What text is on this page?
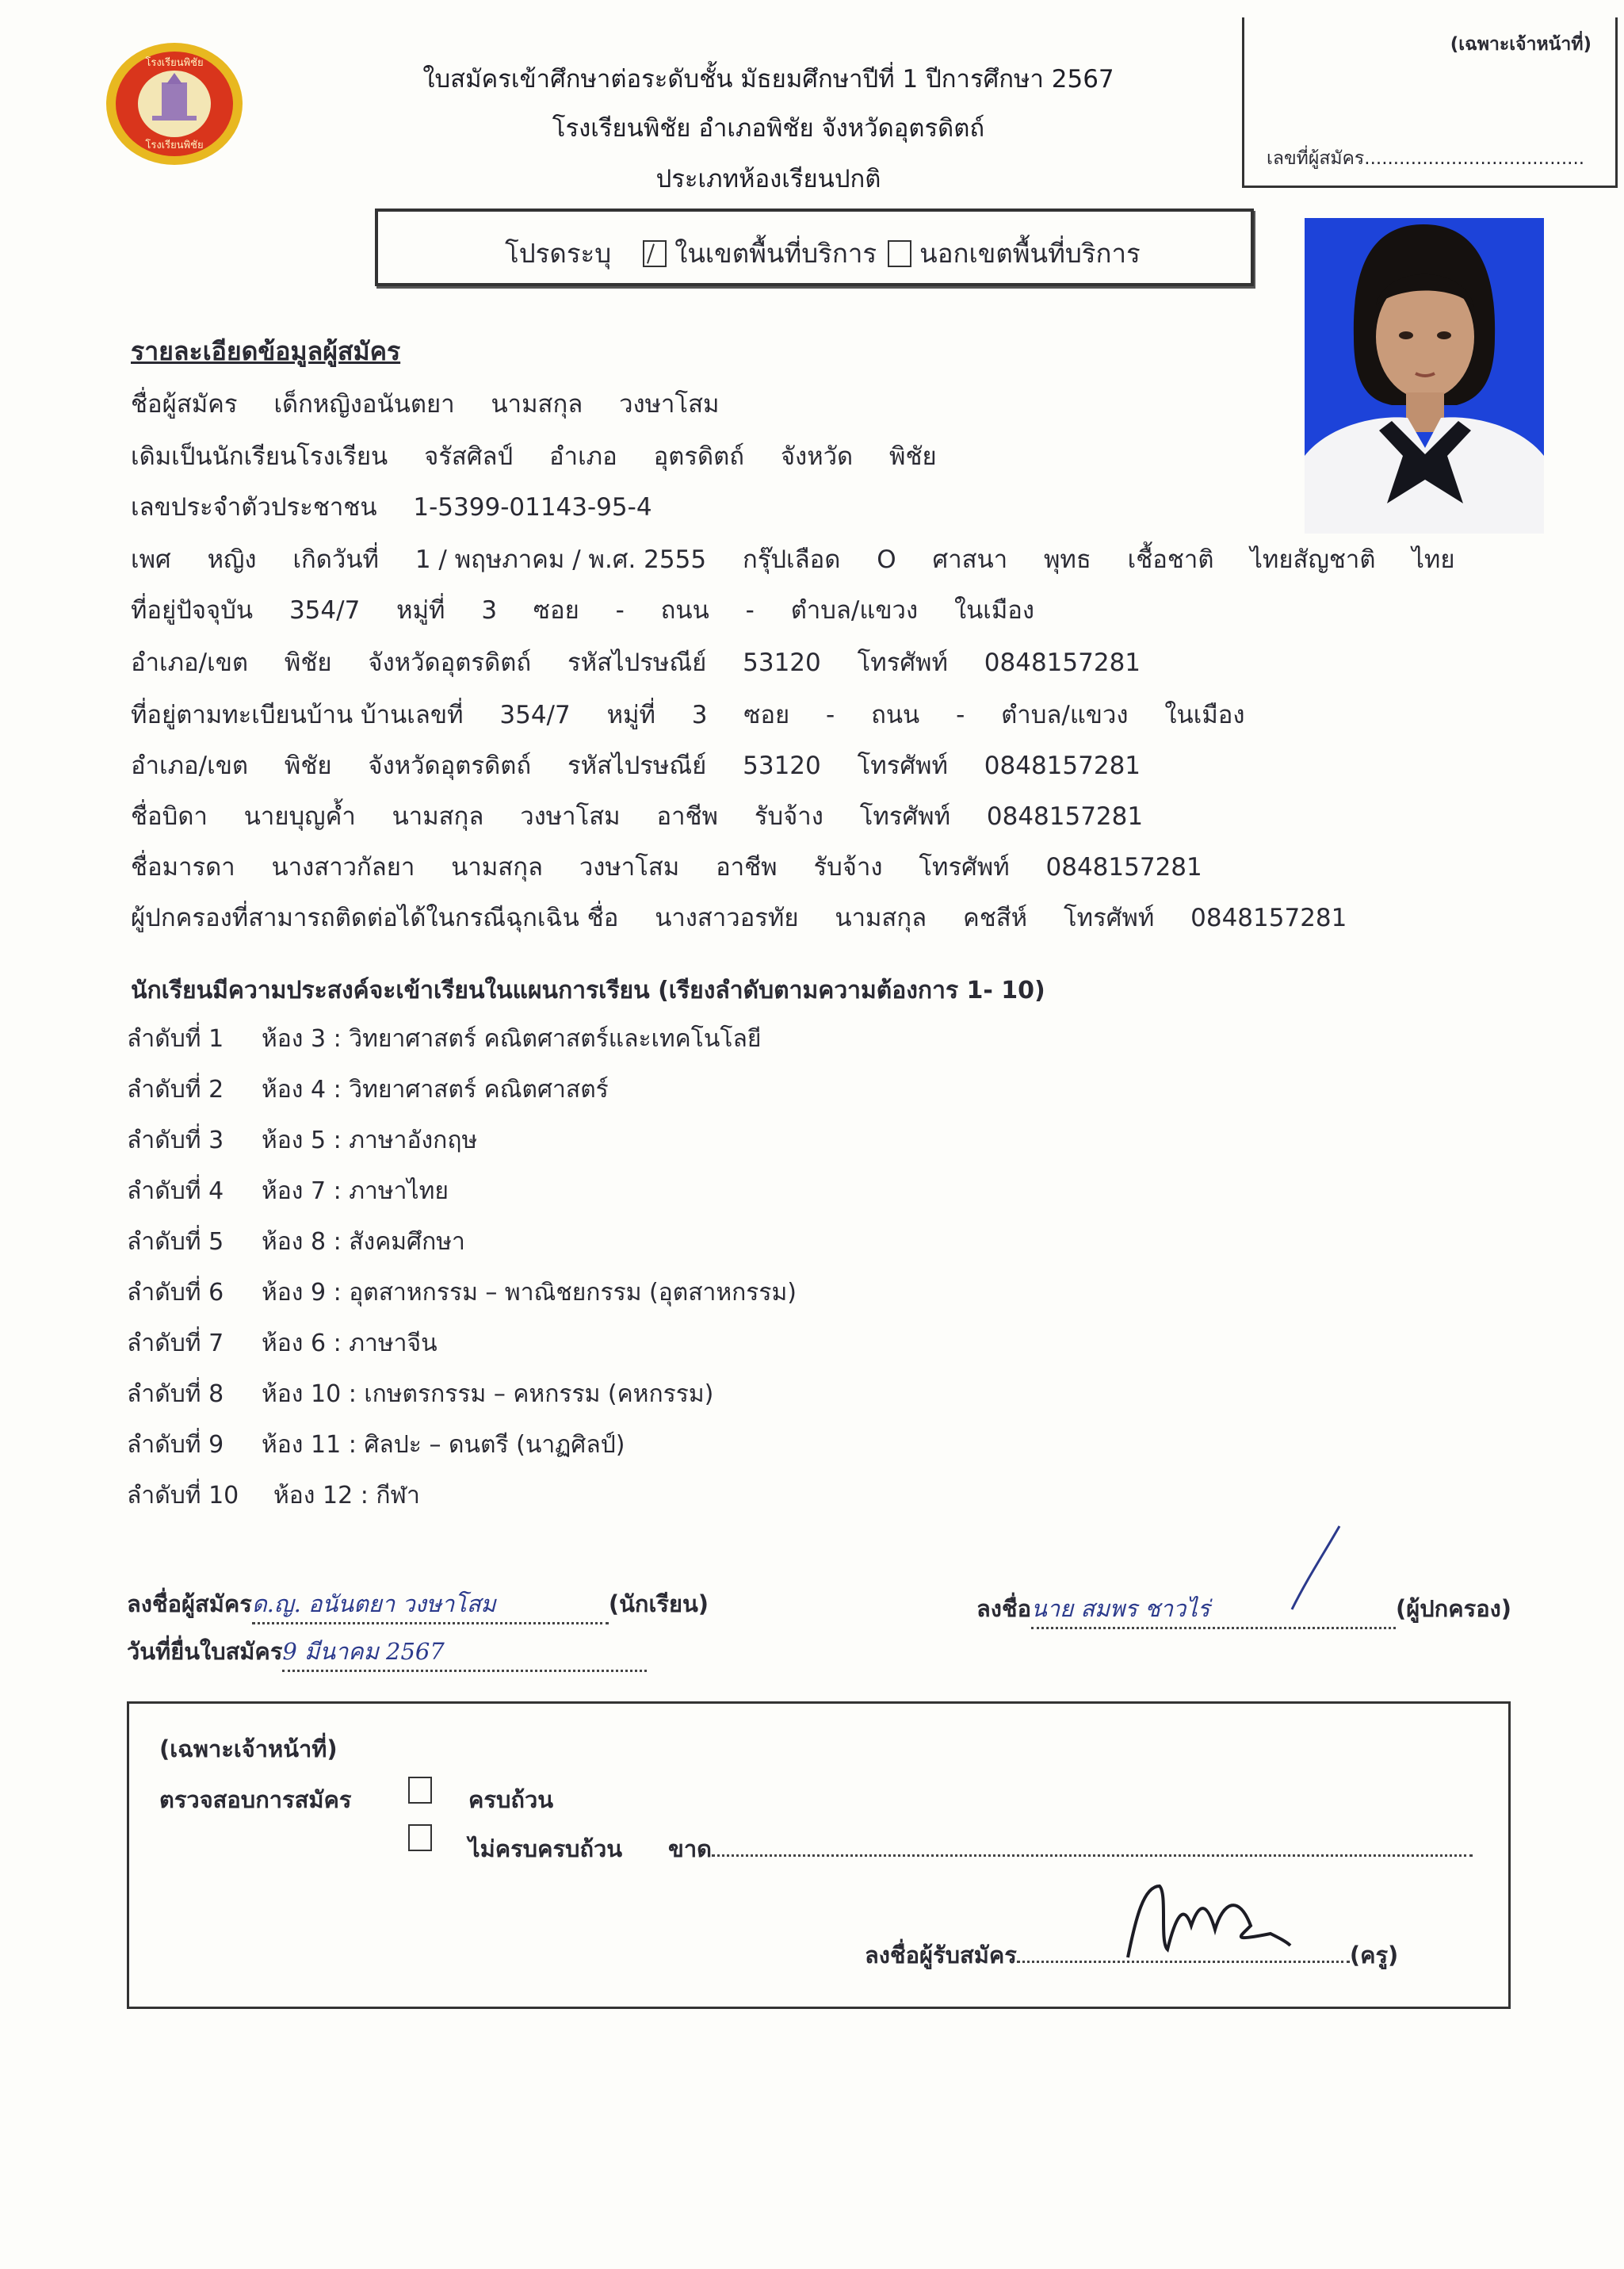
โรงเรียนพิชัย
โรงเรียนพิชัย
ใบสมัครเข้าศึกษาต่อระดับชั้น มัธยมศึกษาปีที่ 1 ปีการศึกษา 2567
โรงเรียนพิชัย อำเภอพิชัย จังหวัดอุตรดิตถ์
ประเภทห้องเรียนปกติ
(เฉพาะเจ้าหน้าที่)
เลขที่ผู้สมัคร......................................
โปรดระบุ ในเขตพื้นที่บริการ นอกเขตพื้นที่บริการ
รายละเอียดข้อมูลผู้สมัคร
ชื่อผู้สมัคร เด็กหญิงอนันตยา นามสกุล วงษาโสม
เดิมเป็นนักเรียนโรงเรียน จรัสศิลป์ อำเภอ อุตรดิตถ์ จังหวัด พิชัย
เลขประจำตัวประชาชน 1-5399-01143-95-4
เพศ หญิง เกิดวันที่ 1 / พฤษภาคม / พ.ศ. 2555 กรุ๊ปเลือด O ศาสนา พุทธ เชื้อชาติ ไทยสัญชาติ ไทย
ที่อยู่ปัจจุบัน 354/7 หมู่ที่ 3 ซอย - ถนน - ตำบล/แขวง ในเมือง
อำเภอ/เขต พิชัย จังหวัดอุตรดิตถ์ รหัสไปรษณีย์ 53120 โทรศัพท์ 0848157281
ที่อยู่ตามทะเบียนบ้าน บ้านเลขที่ 354/7 หมู่ที่ 3 ซอย - ถนน - ตำบล/แขวง ในเมือง
อำเภอ/เขต พิชัย จังหวัดอุตรดิตถ์ รหัสไปรษณีย์ 53120 โทรศัพท์ 0848157281
ชื่อบิดา นายบุญค้ำ นามสกุล วงษาโสม อาชีพ รับจ้าง โทรศัพท์ 0848157281
ชื่อมารดา นางสาวกัลยา นามสกุล วงษาโสม อาชีพ รับจ้าง โทรศัพท์ 0848157281
ผู้ปกครองที่สามารถติดต่อได้ในกรณีฉุกเฉิน ชื่อ นางสาวอรทัย นามสกุล คชสีห์ โทรศัพท์ 0848157281
นักเรียนมีความประสงค์จะเข้าเรียนในแผนการเรียน (เรียงลำดับตามความต้องการ 1- 10)
ลำดับที่ 1 ห้อง 3 : วิทยาศาสตร์ คณิตศาสตร์และเทคโนโลยี
ลำดับที่ 2 ห้อง 4 : วิทยาศาสตร์ คณิตศาสตร์
ลำดับที่ 3 ห้อง 5 : ภาษาอังกฤษ
ลำดับที่ 4 ห้อง 7 : ภาษาไทย
ลำดับที่ 5 ห้อง 8 : สังคมศึกษา
ลำดับที่ 6 ห้อง 9 : อุตสาหกรรม – พาณิชยกรรม (อุตสาหกรรม)
ลำดับที่ 7 ห้อง 6 : ภาษาจีน
ลำดับที่ 8 ห้อง 10 : เกษตรกรรม – คหกรรม (คหกรรม)
ลำดับที่ 9 ห้อง 11 : ศิลปะ – ดนตรี (นาฏศิลป์)
ลำดับที่ 10 ห้อง 12 : กีฬา
ลงชื่อผู้สมัครด.ญ. อนันตยา วงษาโสม	(นักเรียน)
วันที่ยื่นใบสมัคร9 มีนาคม 2567
ลงชื่อนาย สมพร ชาวไร่	(ผู้ปกครอง)
(เฉพาะเจ้าหน้าที่)
ตรวจสอบการสมัคร	ครบถ้วน
ไม่ครบครบถ้วน ขาด
ลงชื่อผู้รับสมัคร	(ครู)
